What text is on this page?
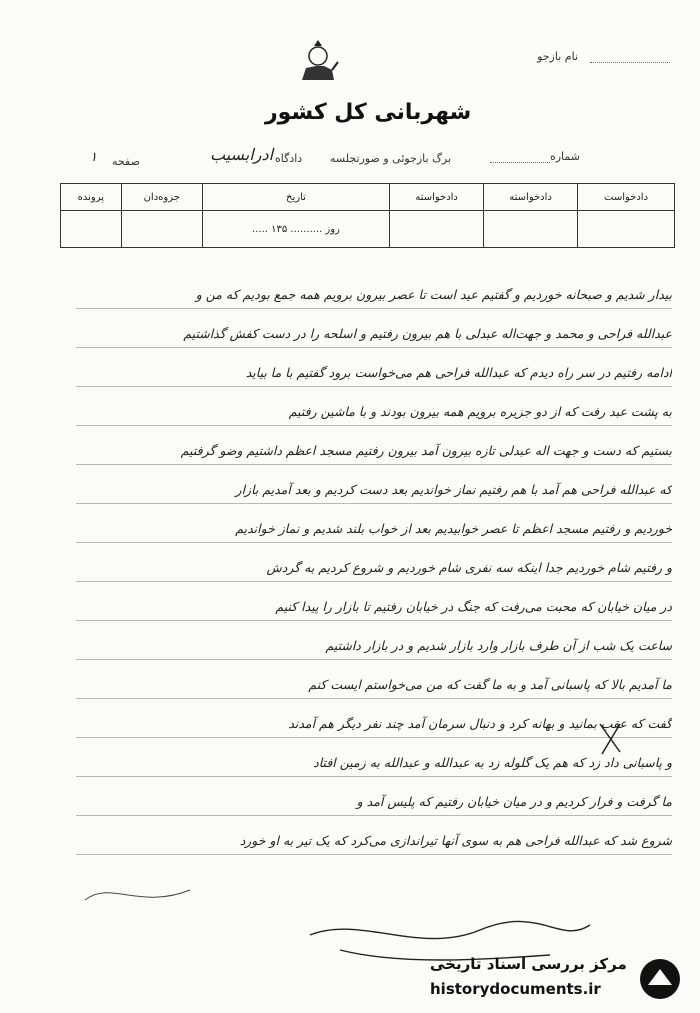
نام بازجو
شهربانی کل کشور
شماره
برگ بازجوئی و صورتجلسه
دادگاه
ادرابسیب
صفحه
۱
دادخواست	دادخواسته	دادخواسته	تاریخ	جزوه‌دان	پرونده
			روز .......... ۱۳۵ .....		
بیدار شدیم و صبحانه خوردیم و گفتیم عید است تا عصر بیرون برویم همه جمع بودیم که من و
عبدالله فراحی و محمد و جهت‌اله عبدلی با هم بیرون رفتیم و اسلحه را در دست کفش گذاشتیم
ادامه رفتیم در سر راه دیدم که عبدالله فراحی هم می‌خواست برود گفتیم با ما بیاید
به پشت عبد رفت که از دو جزیره برویم همه بیرون بودند و با ماشین رفتیم
بستیم که دست و جهت اله عبدلی تازه بیرون آمد بیرون رفتیم مسجد اعظم داشتیم وضو گرفتیم
که عبدالله فراحی هم آمد با هم رفتیم نماز خواندیم بعد دست کردیم و بعد آمدیم بازار
خوردیم و رفتیم مسجد اعظم تا عصر خوابیدیم بعد از خواب بلند شدیم و نماز خواندیم
و رفتیم شام خوردیم جدا اینکه سه نفری شام خوردیم و شروع کردیم به گردش
در میان خیابان که محبت می‌رفت که جنگ در خیابان رفتیم تا بازار را پیدا کنیم
ساعت یک شب از آن طرف بازار وارد بازار شدیم و در بازار داشتیم
ما آمدیم بالا که پاسبانی آمد و به ما گفت که من می‌خواستم ایست کنم
گفت که عقب بمانید و بهانه کرد و دنبال سرمان آمد چند نفر دیگر هم آمدند
و پاسبانی داد زد که هم یک گلوله زد به عبدالله و عبدالله به زمین افتاد
ما گرفت و فرار کردیم و در میان خیابان رفتیم که پلیس آمد و
شروع شد که عبدالله فراحی هم به سوی آنها تیراندازی می‌کرد که یک تیر به او خورد
امضا
مرکز بررسی اسناد تاریخی
historydocuments.ir
